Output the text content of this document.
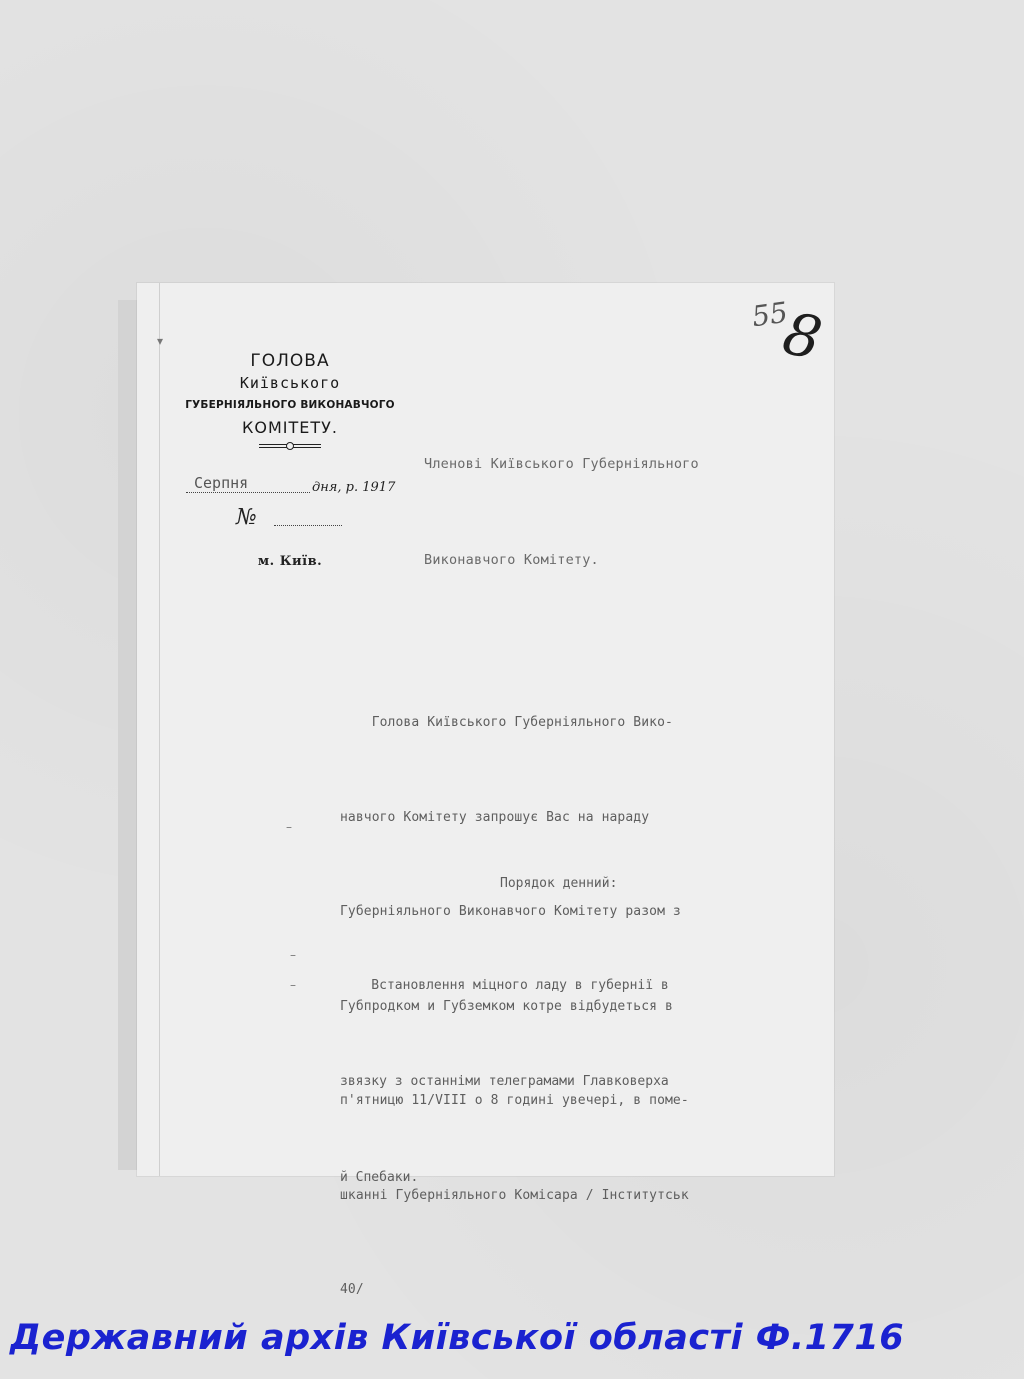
55
8
ГОЛОВА
Київського
ГУБЕРНІЯЛЬНОГО ВИКОНАВЧОГО
КОМІТЕТУ.
Серпня	дня, р. 1917
№
м. Київ.

Членові Київського Губерніяльного

Виконавчого Комітету.

Голова Київського Губерніяльного Вико-

навчого Комітету запрошує Вас на нараду

Губерніяльного Виконавчого Комітету разом з

Губпродком и Губземком котре відбудеться в

п'ятницю 11/VIII о 8 годині увечері, в поме-

шканні Губерніяльного Комісара / Інститутськ

40/

Порядок денний:

Встановлення міцного ладу в губернії в

звязку з останніми телеграмами Главковерха

й Спебаки.

▾
–
–
–
Державний архів Київської області Ф.1716
